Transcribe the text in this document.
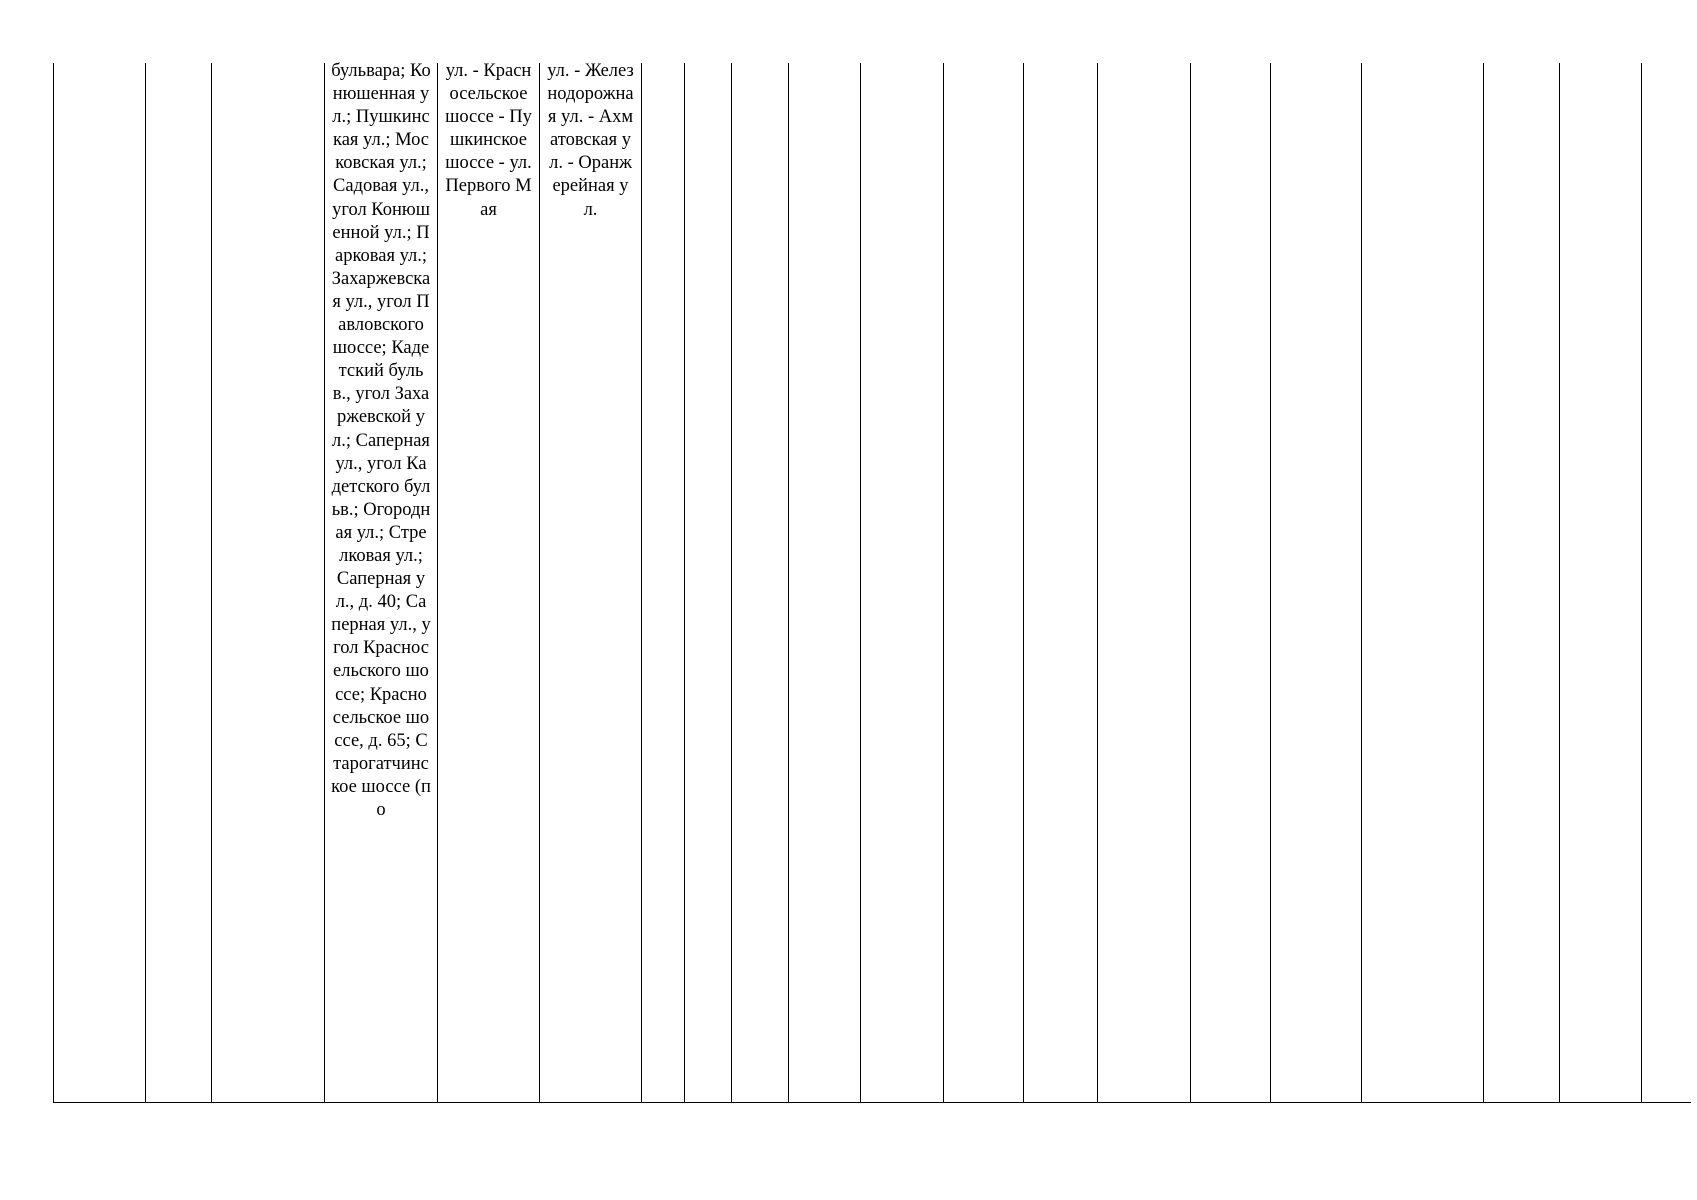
бульвара; Конюшенная ул.; Пушкинская ул.; Московская ул.; Садовая ул., угол Конюшенной ул.; Парковая ул.; Захаржевская ул., угол Павловского шоссе; Кадетский бульв., угол Захаржевской ул.; Саперная ул., угол Кадетского бульв.; Огородная ул.; Стрелковая ул.; Саперная ул., д. 40; Саперная ул., угол Красносельского шоссе; Красносельское шоссе, д. 65; Старогатчинское шоссе (по
ул. - Красносельское шоссе - Пушкинское шоссе - ул. Первого Мая
ул. - Железнодорожная ул. - Ахматовская ул. - Оранжерейная ул.
